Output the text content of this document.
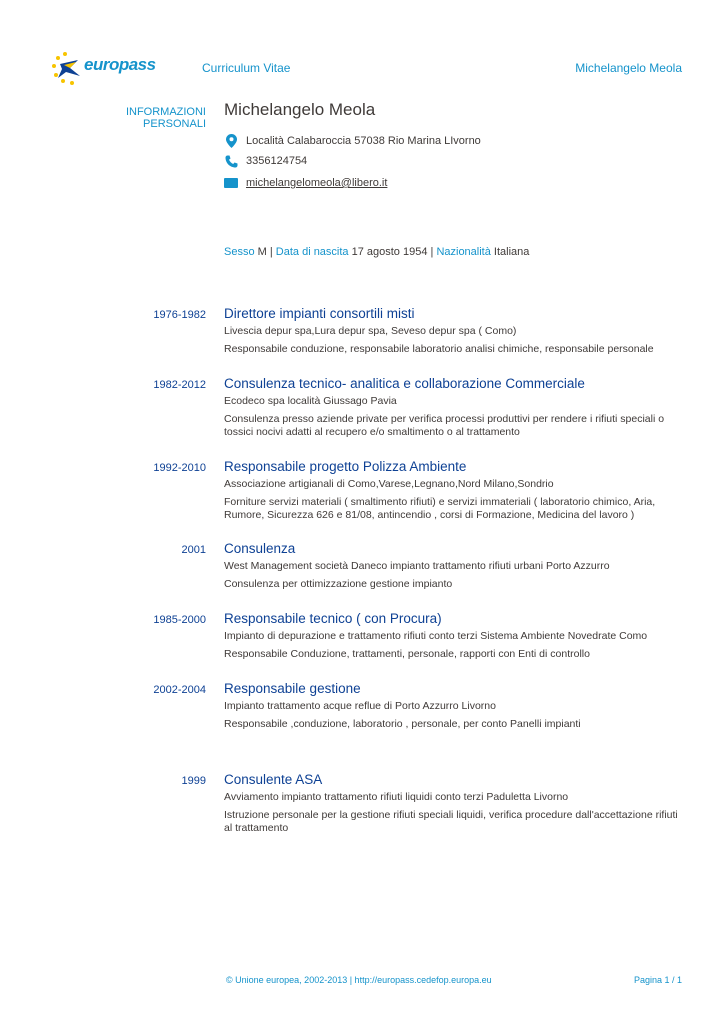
europass	Curriculum Vitae	Michelangelo Meola
INFORMAZIONI PERSONALI
Michelangelo Meola
Località Calabaroccia 57038 Rio Marina LIvorno
3356124754
michelangelomeola@libero.it
Sesso M | Data di nascita 17 agosto 1954 | Nazionalità Italiana
1976-1982 Direttore impianti consortili misti
Livescia depur spa,Lura depur spa, Seveso depur spa ( Como)
Responsabile conduzione, responsabile laboratorio analisi chimiche, responsabile personale
1982-2012 Consulenza tecnico- analitica e collaborazione Commerciale
Ecodeco spa località Giussago Pavia
Consulenza presso aziende private per verifica processi produttivi per rendere i rifiuti speciali o tossici nocivi adatti al recupero e/o smaltimento o al trattamento
1992-2010 Responsabile progetto Polizza Ambiente
Associazione artigianali di Como,Varese,Legnano,Nord Milano,Sondrio
Forniture servizi materiali ( smaltimento rifiuti) e servizi immateriali ( laboratorio chimico, Aria, Rumore, Sicurezza 626 e 81/08, antincendio , corsi di Formazione, Medicina del lavoro )
2001 Consulenza
West Management società Daneco impianto trattamento rifiuti urbani Porto Azzurro
Consulenza per ottimizzazione gestione impianto
1985-2000 Responsabile tecnico ( con Procura)
Impianto di depurazione e trattamento rifiuti conto terzi Sistema Ambiente Novedrate Como
Responsabile Conduzione, trattamenti, personale, rapporti con Enti di controllo
2002-2004 Responsabile gestione
Impianto trattamento acque reflue di Porto Azzurro Livorno
Responsabile ,conduzione, laboratorio , personale, per conto Panelli impianti
1999 Consulente ASA
Avviamento impianto trattamento rifiuti liquidi conto terzi Paduletta Livorno
Istruzione personale per la gestione rifiuti speciali liquidi, verifica procedure dall'accettazione rifiuti al trattamento
© Unione europea, 2002-2013 | http://europass.cedefop.europa.eu	Pagina 1 / 1
